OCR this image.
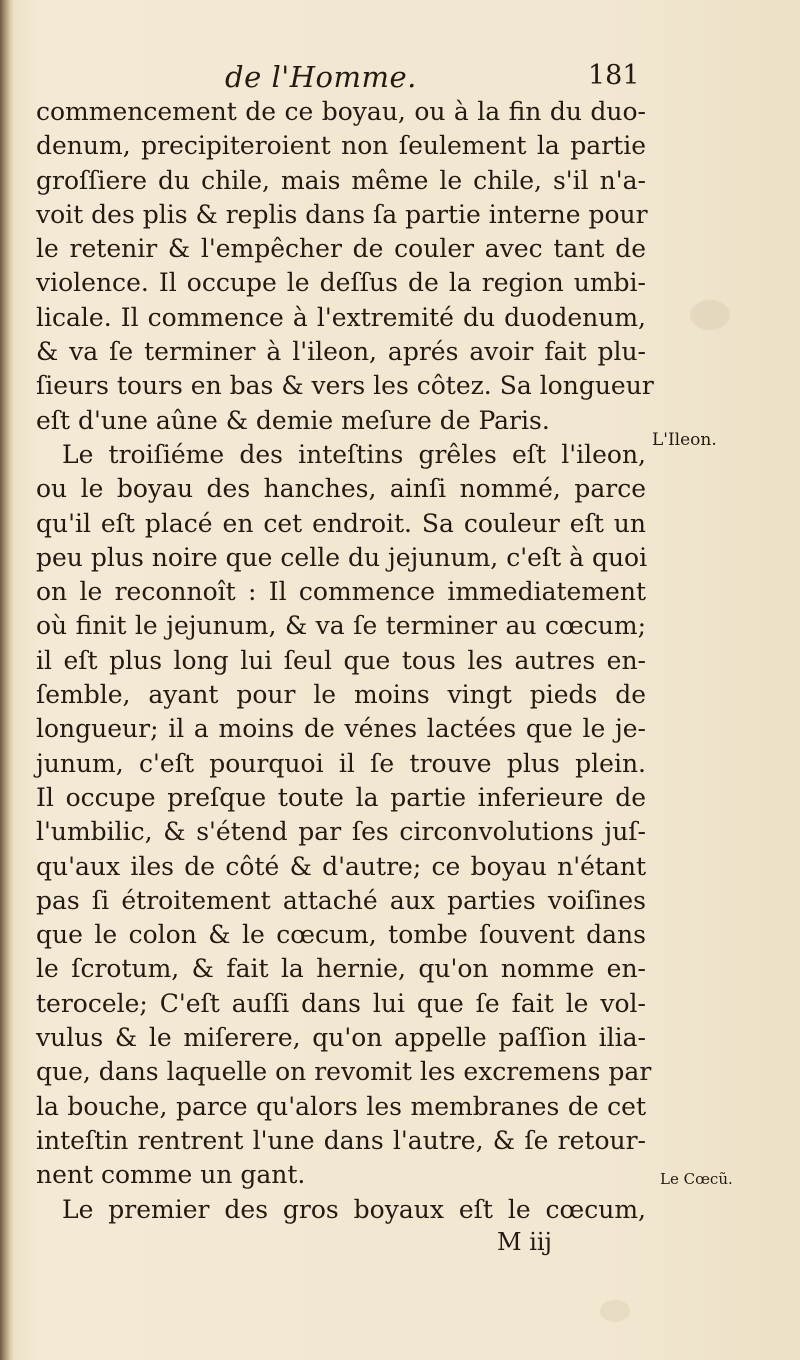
de l'Homme.	181
commencement de ce boyau, ou à la fin du duo-
denum, precipiteroient non ſeulement la partie
groſſiere du chile, mais même le chile, s'il n'a-
voit des plis & replis dans ſa partie interne pour
le retenir & l'empêcher de couler avec tant de
violence. Il occupe le deſſus de la region umbi-
licale. Il commence à l'extremité du duodenum,
& va ſe terminer à l'ileon, aprés avoir fait plu-
ſieurs tours en bas & vers les côtez. Sa longueur
eſt d'une aûne & demie meſure de Paris.
Le troiſiéme des inteſtins grêles eſt l'ileon,
ou le boyau des hanches, ainſi nommé, parce
qu'il eſt placé en cet endroit. Sa couleur eſt un
peu plus noire que celle du jejunum, c'eſt à quoi
on le reconnoît : Il commence immediatement
où finit le jejunum, & va ſe terminer au cœcum;
il eſt plus long lui ſeul que tous les autres en-
ſemble, ayant pour le moins vingt pieds de
longueur; il a moins de vénes lactées que le je-
junum, c'eſt pourquoi il ſe trouve plus plein.
Il occupe preſque toute la partie inferieure de
l'umbilic, & s'étend par ſes circonvolutions juſ-
qu'aux iles de côté & d'autre; ce boyau n'étant
pas ſi étroitement attaché aux parties voiſines
que le colon & le cœcum, tombe ſouvent dans
le ſcrotum, & fait la hernie, qu'on nomme en-
terocele; C'eſt auſſi dans lui que ſe fait le vol-
vulus & le miſerere, qu'on appelle paſſion ilia-
que, dans laquelle on revomit les excremens par
la bouche, parce qu'alors les membranes de cet
inteſtin rentrent l'une dans l'autre, & ſe retour-
nent comme un gant.
Le premier des gros boyaux eſt le cœcum,
L'Ileon.
Le Cœcũ.
M iij
